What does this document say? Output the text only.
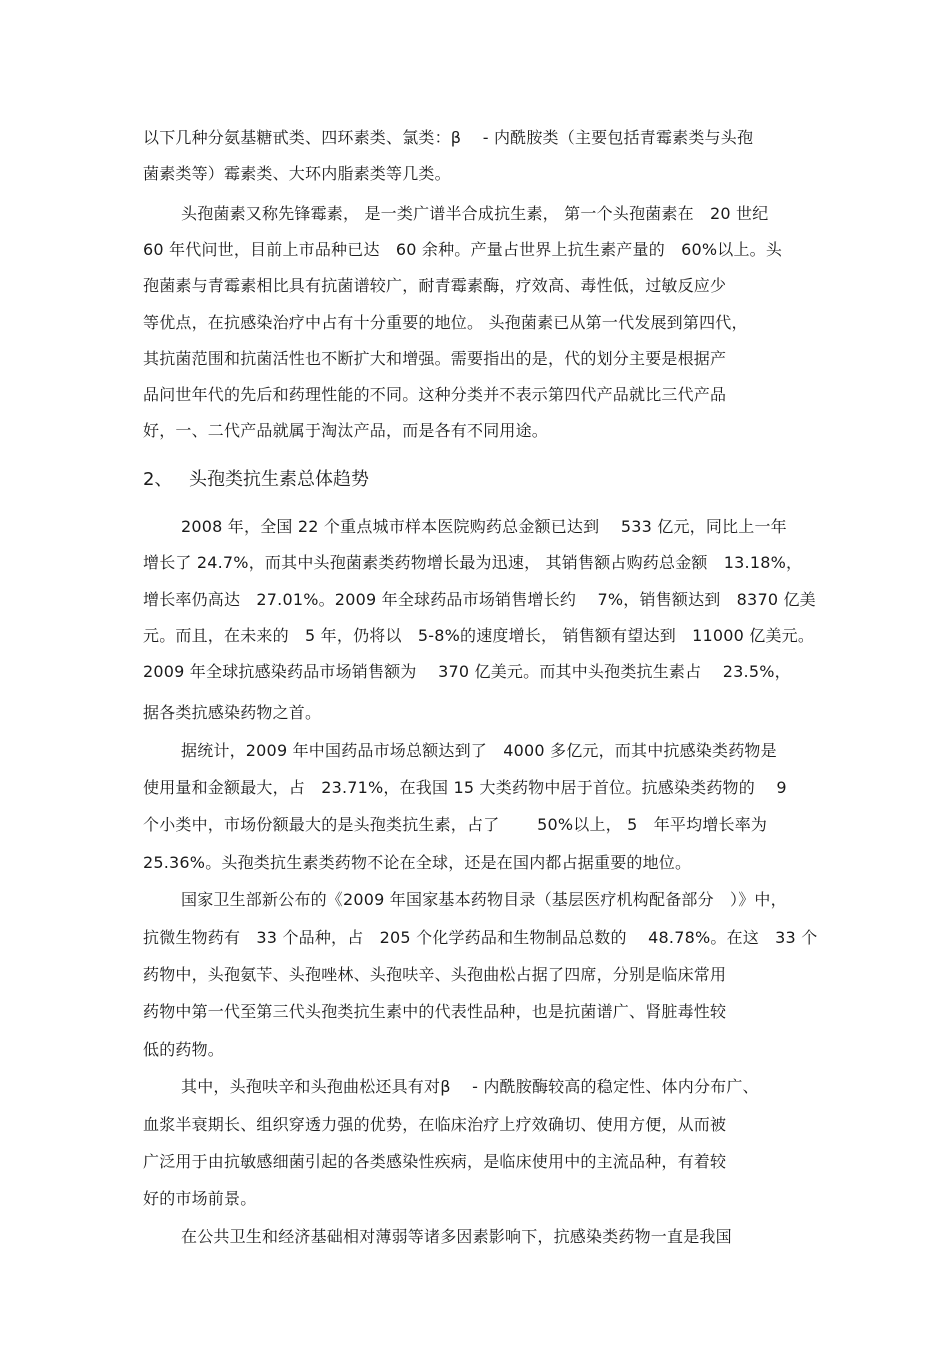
以下几种分氨基糖甙类、四环素类、氯类：β　 - 内酰胺类（主要包括青霉素类与头孢
菌素类等）霉素类、大环内脂素类等几类。
头孢菌素又称先锋霉素， 是一类广谱半合成抗生素， 第一个头孢菌素在　20 世纪
60 年代问世，目前上市品种已达　60 余种。产量占世界上抗生素产量的　60%以上。头
孢菌素与青霉素相比具有抗菌谱较广，耐青霉素酶，疗效高、毒性低，过敏反应少
等优点，在抗感染治疗中占有十分重要的地位。 头孢菌素已从第一代发展到第四代，
其抗菌范围和抗菌活性也不断扩大和增强。需要指出的是，代的划分主要是根据产
品问世年代的先后和药理性能的不同。这种分类并不表示第四代产品就比三代产品
好，一、二代产品就属于淘汰产品，而是各有不同用途。
2、 头孢类抗生素总体趋势
2008 年，全国 22 个重点城市样本医院购药总金额已达到　 533 亿元，同比上一年
增长了 24.7%，而其中头孢菌素类药物增长最为迅速， 其销售额占购药总金额　13.18%，
增长率仍高达　27.01%。2009 年全球药品市场销售增长约　 7%，销售额达到　8370 亿美
元。而且，在未来的　5 年，仍将以　5-8%的速度增长， 销售额有望达到　11000 亿美元。
2009 年全球抗感染药品市场销售额为　 370 亿美元。而其中头孢类抗生素占　 23.5%，
据各类抗感染药物之首。
据统计，2009 年中国药品市场总额达到了　4000 多亿元，而其中抗感染类药物是
使用量和金额最大，占　23.71%，在我国 15 大类药物中居于首位。抗感染类药物的　 9
个小类中，市场份额最大的是头孢类抗生素，占了　　 50%以上， 5　年平均增长率为
25.36%。头孢类抗生素类药物不论在全球，还是在国内都占据重要的地位。
国家卫生部新公布的《2009 年国家基本药物目录（基层医疗机构配备部分　）》中，
抗微生物药有　33 个品种，占　205 个化学药品和生物制品总数的　 48.78%。在这　33 个
药物中，头孢氨苄、头孢唑林、头孢呋辛、头孢曲松占据了四席，分别是临床常用
药物中第一代至第三代头孢类抗生素中的代表性品种，也是抗菌谱广、肾脏毒性较
低的药物。
其中，头孢呋辛和头孢曲松还具有对β　 - 内酰胺酶较高的稳定性、体内分布广、
血浆半衰期长、组织穿透力强的优势，在临床治疗上疗效确切、使用方便，从而被
广泛用于由抗敏感细菌引起的各类感染性疾病，是临床使用中的主流品种，有着较
好的市场前景。
在公共卫生和经济基础相对薄弱等诸多因素影响下，抗感染类药物一直是我国
